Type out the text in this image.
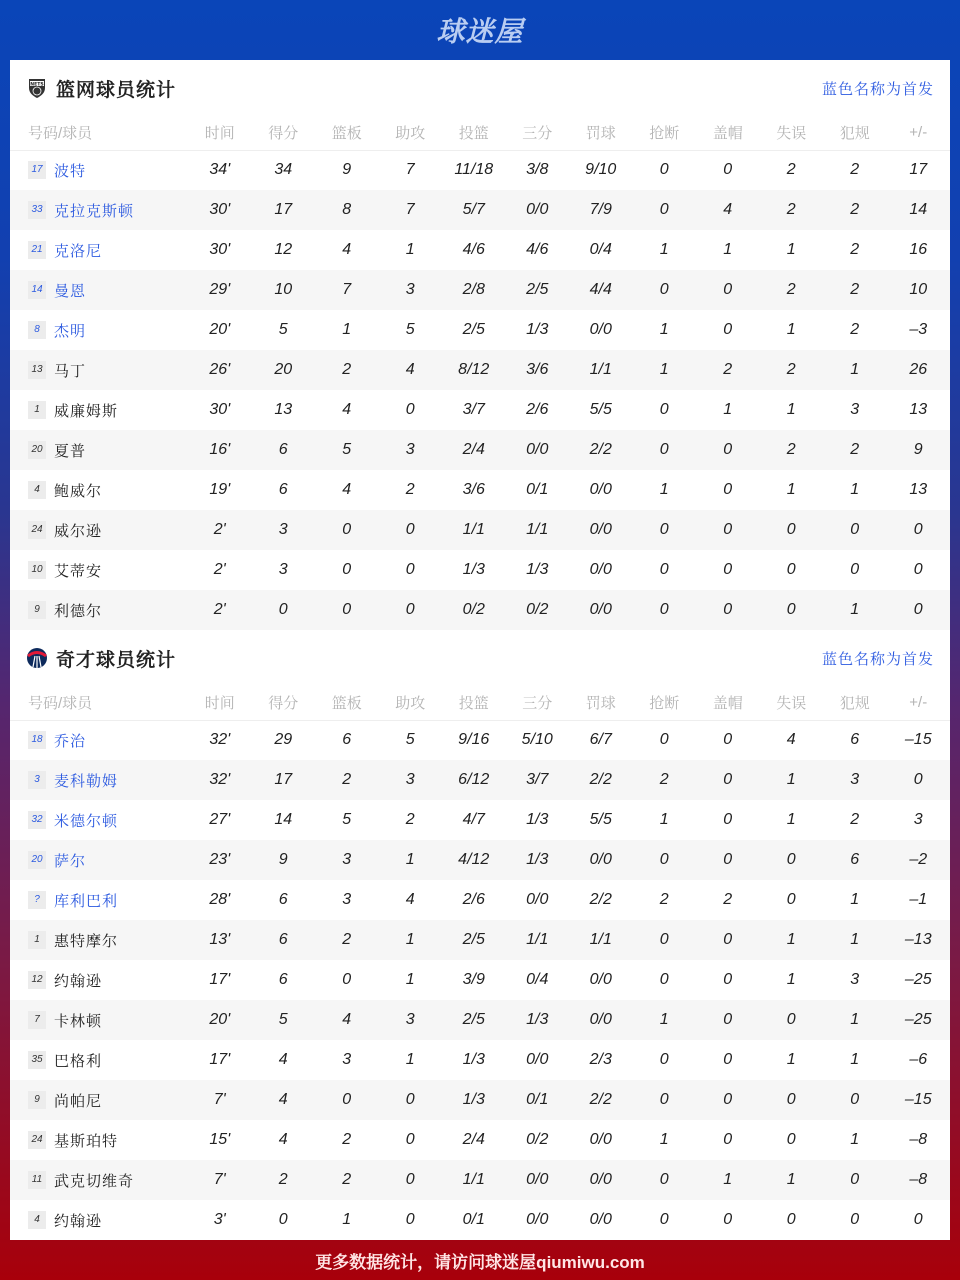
球迷屋
NETS 篮网球员统计	蓝色名称为首发
号码/球员	时间	得分	篮板	助攻	投篮	三分	罚球	抢断	盖帽	失误	犯规	+/-
17 波特	34'	34	9	7	11/18	3/8	9/10	0	0	2	2	17
33 克拉克斯顿	30'	17	8	7	5/7	0/0	7/9	0	4	2	2	14
21 克洛尼	30'	12	4	1	4/6	4/6	0/4	1	1	1	2	16
14 曼恩	29'	10	7	3	2/8	2/5	4/4	0	0	2	2	10
8 杰明	20'	5	1	5	2/5	1/3	0/0	1	0	1	2	–3
13 马丁	26'	20	2	4	8/12	3/6	1/1	1	2	2	1	26
1 威廉姆斯	30'	13	4	0	3/7	2/6	5/5	0	1	1	3	13
20 夏普	16'	6	5	3	2/4	0/0	2/2	0	0	2	2	9
4 鲍威尔	19'	6	4	2	3/6	0/1	0/0	1	0	1	1	13
24 威尔逊	2'	3	0	0	1/1	1/1	0/0	0	0	0	0	0
10 艾蒂安	2'	3	0	0	1/3	1/3	0/0	0	0	0	0	0
9 利德尔	2'	0	0	0	0/2	0/2	0/0	0	0	0	1	0
奇才球员统计	蓝色名称为首发
号码/球员	时间	得分	篮板	助攻	投篮	三分	罚球	抢断	盖帽	失误	犯规	+/-
18 乔治	32'	29	6	5	9/16	5/10	6/7	0	0	4	6	–15
3 麦科勒姆	32'	17	2	3	6/12	3/7	2/2	2	0	1	3	0
32 米德尔顿	27'	14	5	2	4/7	1/3	5/5	1	0	1	2	3
20 萨尔	23'	9	3	1	4/12	1/3	0/0	0	0	0	6	–2
? 库利巴利	28'	6	3	4	2/6	0/0	2/2	2	2	0	1	–1
1 惠特摩尔	13'	6	2	1	2/5	1/1	1/1	0	0	1	1	–13
12 约翰逊	17'	6	0	1	3/9	0/4	0/0	0	0	1	3	–25
7 卡林顿	20'	5	4	3	2/5	1/3	0/0	1	0	0	1	–25
35 巴格利	17'	4	3	1	1/3	0/0	2/3	0	0	1	1	–6
9 尚帕尼	7'	4	0	0	1/3	0/1	2/2	0	0	0	0	–15
24 基斯珀特	15'	4	2	0	2/4	0/2	0/0	1	0	0	1	–8
11 武克切维奇	7'	2	2	0	1/1	0/0	0/0	0	1	1	0	–8
4 约翰逊	3'	0	1	0	0/1	0/0	0/0	0	0	0	0	0
更多数据统计，请访问球迷屋qiumiwu.com
